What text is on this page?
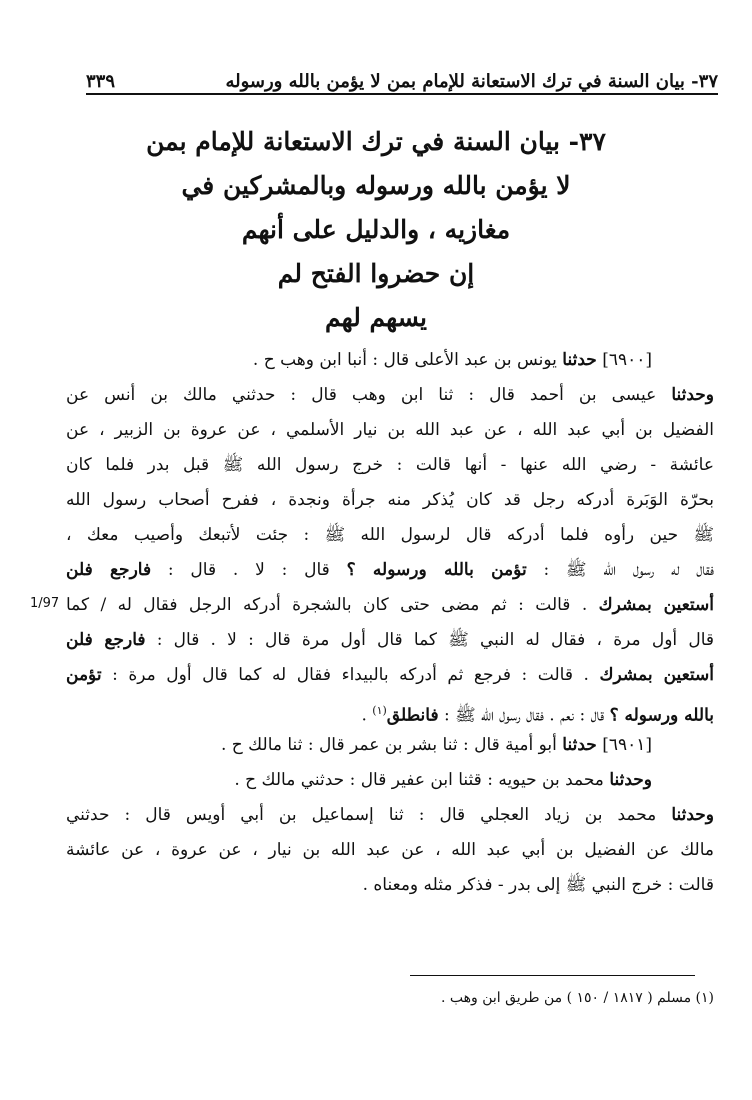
٣٧- بيان السنة في ترك الاستعانة للإمام بمن لا يؤمن بالله ورسوله
٣٣٩
٣٧- بيان السنة في ترك الاستعانة للإمام بمن
لا يؤمن بالله ورسوله وبالمشركين في
مغازيه ، والدليل على أنهم
إن حضروا الفتح لم
يسهم لهم
[٦٩٠٠] حدثنا يونس بن عبد الأعلى قال : أنبا ابن وهب ح .
وحدثنا عيسى بن أحمد قال : ثنا ابن وهب قال : حدثني مالك بن أنس عن
الفضيل بن أبي عبد الله ، عن عبد الله بن نيار الأسلمي ، عن عروة بن الزبير ، عن
عائشة - رضي الله عنها - أنها قالت : خرج رسول الله ﷺ قبل بدر فلما كان
بحرّة الوَبَرة أدركه رجل قد كان يُذكر منه جرأة ونجدة ، ففرح أصحاب رسول الله
ﷺ حين رأوه فلما أدركه قال لرسول الله ﷺ : جئت لأتبعك وأصيب معك ،
فقال له رسول الله ﷺ : تؤمن بالله ورسوله ؟ قال : لا . قال : فارجع فلن
أستعين بمشرك . قالت : ثم مضى حتى كان بالشجرة أدركه الرجل فقال له / كما
قال أول مرة ، فقال له النبي ﷺ كما قال أول مرة قال : لا . قال : فارجع فلن
أستعين بمشرك . قالت : فرجع ثم أدركه بالبيداء فقال له كما قال أول مرة : تؤمن
بالله ورسوله ؟ قال : نعم . فقال رسول الله ﷺ : فانطلق$^{(١)}$ .
[٦٩٠١] حدثنا أبو أمية قال : ثنا بشر بن عمر قال : ثنا مالك ح .
وحدثنا محمد بن حيويه : قثنا ابن عفير قال : حدثني مالك ح .
وحدثنا محمد بن زياد العجلي قال : ثنا إسماعيل بن أبي أويس قال : حدثني
مالك عن الفضيل بن أبي عبد الله ، عن عبد الله بن نيار ، عن عروة ، عن عائشة
قالت : خرج النبي ﷺ إلى بدر - فذكر مثله ومعناه .
1/97
(١) مسلم ( ١٨١٧ / ١٥٠ ) من طريق ابن وهب .
